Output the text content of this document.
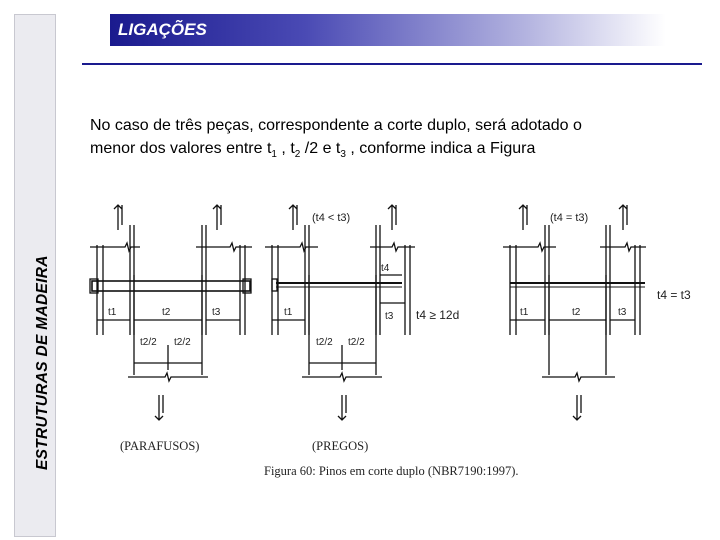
ESTRUTURAS DE MADEIRA
LIGAÇÕES
No caso de três peças, correspondente a corte duplo, será adotado o
menor dos valores entre $t_1$ , $t_2$ /2 e $t_3$ , conforme indica a Figura
t1	t2	t3
t2/2 t2/2
(PARAFUSOS)
(t4 < t3)
t1
t4
t3
t2/2 t2/2
t4 ≥ 12d
(PREGOS)
(t4 = t3)
t1	t2	t3
t4 = t3
Figura 60: Pinos em corte duplo (NBR7190:1997).
